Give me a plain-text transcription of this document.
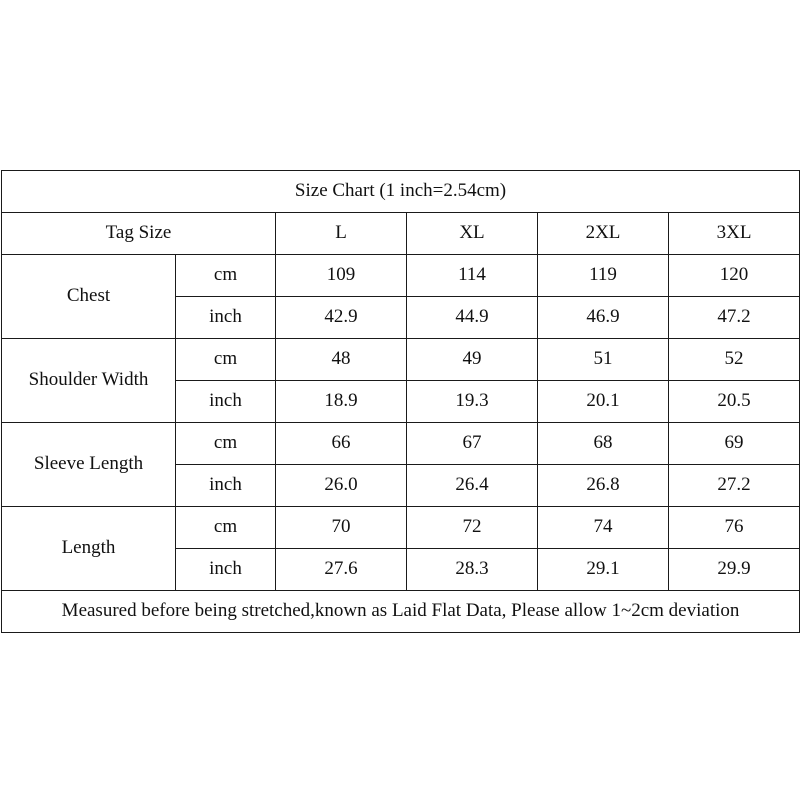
Size Chart (1 inch=2.54cm)					
Tag Size		L	XL	2XL	3XL
Chest	cm	109	114	119	120
	inch	42.9	44.9	46.9	47.2
Shoulder Width	cm	48	49	51	52
	inch	18.9	19.3	20.1	20.5
Sleeve Length	cm	66	67	68	69
	inch	26.0	26.4	26.8	27.2
Length	cm	70	72	74	76
	inch	27.6	28.3	29.1	29.9
Measured before being stretched,known as Laid Flat Data, Please allow 1~2cm deviation					
